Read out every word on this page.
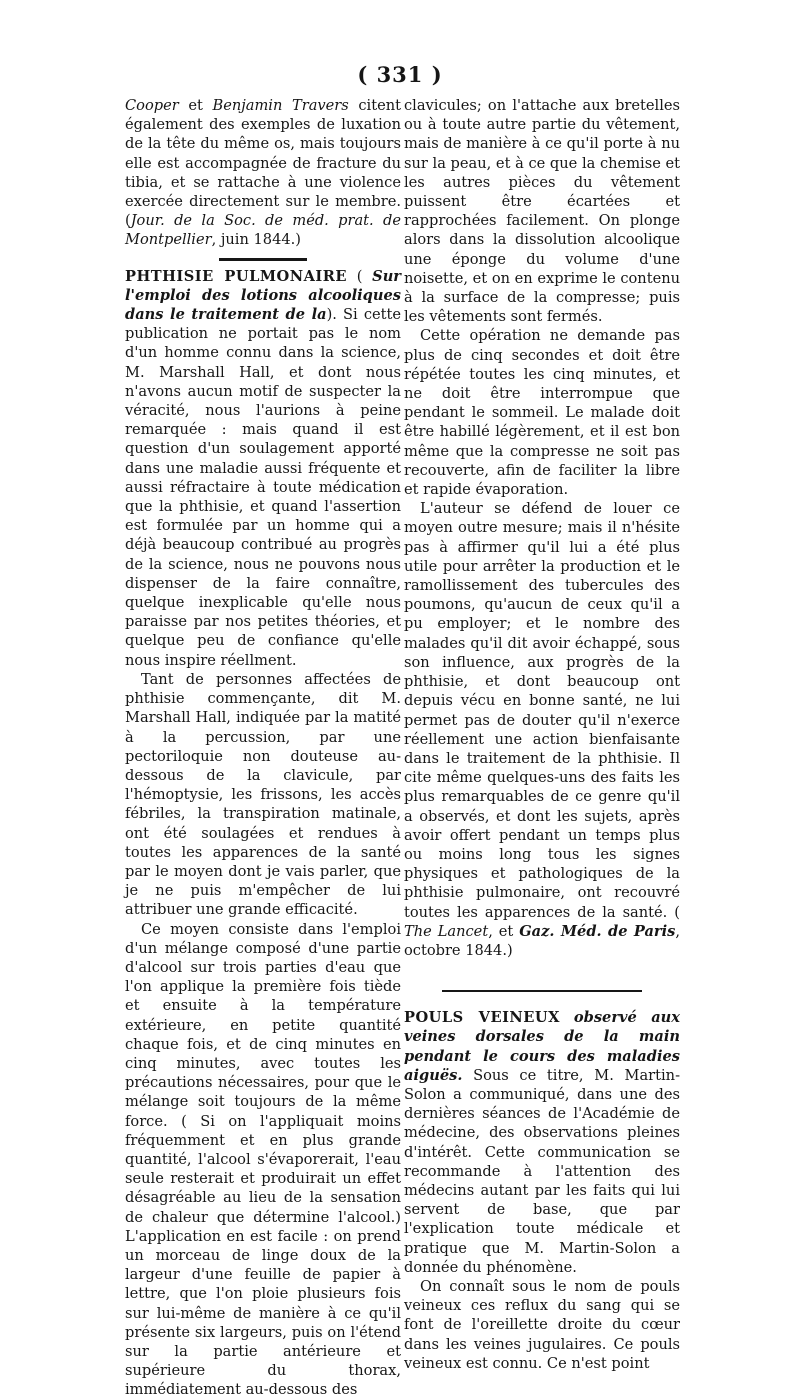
( 331 )

Cooper et Benjamin Travers citent également des exemples de luxation de la tête du même os, mais toujours elle est accompagnée de fracture du tibia, et se rattache à une violence exercée directement sur le membre. (Jour. de la Soc. de méd. prat. de Montpellier, juin 1844.)

PHTHISIE PULMONAIRE ( Sur l'emploi des lotions alcooliques dans le traitement de la). Si cette publication ne portait pas le nom d'un homme connu dans la science, M. Marshall Hall, et dont nous n'avons aucun motif de suspecter la véracité, nous l'aurions à peine remarquée : mais quand il est question d'un soulagement apporté dans une maladie aussi fréquente et aussi réfractaire à toute médication que la phthisie, et quand l'assertion est formulée par un homme qui a déjà beaucoup contribué au progrès de la science, nous ne pouvons nous dispenser de la faire connaître, quelque inexplicable qu'elle nous paraisse par nos petites théories, et quelque peu de confiance qu'elle nous inspire réellment.

Tant de personnes affectées de phthisie commençante, dit M. Marshall Hall, indiquée par la matité à la percussion, par une pectoriloquie non douteuse au-dessous de la clavicule, par l'hémoptysie, les frissons, les accès fébriles, la transpiration matinale, ont été soulagées et rendues à toutes les apparences de la santé par le moyen dont je vais parler, que je ne puis m'empêcher de lui attribuer une grande efficacité.

Ce moyen consiste dans l'emploi d'un mélange composé d'une partie d'alcool sur trois parties d'eau que l'on applique la première fois tiède et ensuite à la température extérieure, en petite quantité chaque fois, et de cinq minutes en cinq minutes, avec toutes les précautions nécessaires, pour que le mélange soit toujours de la même force. ( Si on l'appliquait moins fréquemment et en plus grande quantité, l'alcool s'évaporerait, l'eau seule resterait et produirait un effet désagréable au lieu de la sensation de chaleur que détermine l'alcool.) L'application en est facile : on prend un morceau de linge doux de la largeur d'une feuille de papier à lettre, que l'on ploie plusieurs fois sur lui-même de manière à ce qu'il présente six largeurs, puis on l'étend sur la partie antérieure et supérieure du thorax, immédiatement au-dessous des

clavicules; on l'attache aux bretelles ou à toute autre partie du vêtement, mais de manière à ce qu'il porte à nu sur la peau, et à ce que la chemise et les autres pièces du vêtement puissent être écartées et rapprochées facilement. On plonge alors dans la dissolution alcoolique une éponge du volume d'une noisette, et on en exprime le contenu à la surface de la compresse; puis les vêtements sont fermés.

Cette opération ne demande pas plus de cinq secondes et doit être répétée toutes les cinq minutes, et ne doit être interrompue que pendant le sommeil. Le malade doit être habillé légèrement, et il est bon même que la compresse ne soit pas recouverte, afin de faciliter la libre et rapide évaporation.

L'auteur se défend de louer ce moyen outre mesure; mais il n'hésite pas à affirmer qu'il lui a été plus utile pour arrêter la production et le ramollissement des tubercules des poumons, qu'aucun de ceux qu'il a pu employer; et le nombre des malades qu'il dit avoir échappé, sous son influence, aux progrès de la phthisie, et dont beaucoup ont depuis vécu en bonne santé, ne lui permet pas de douter qu'il n'exerce réellement une action bienfaisante dans le traitement de la phthisie. Il cite même quelques-uns des faits les plus remarquables de ce genre qu'il a observés, et dont les sujets, après avoir offert pendant un temps plus ou moins long tous les signes physiques et pathologiques de la phthisie pulmonaire, ont recouvré toutes les apparences de la santé. ( The Lancet, et Gaz. Méd. de Paris, octobre 1844.)

POULS VEINEUX observé aux veines dorsales de la main pendant le cours des maladies aiguës. Sous ce titre, M. Martin-Solon a communiqué, dans une des dernières séances de l'Académie de médecine, des observations pleines d'intérêt. Cette communication se recommande à l'attention des médecins autant par les faits qui lui servent de base, que par l'explication toute médicale et pratique que M. Martin-Solon a donnée du phénomène.

On connaît sous le nom de pouls veineux ces reflux du sang qui se font de l'oreillette droite du cœur dans les veines jugulaires. Ce pouls veineux est connu. Ce n'est point
